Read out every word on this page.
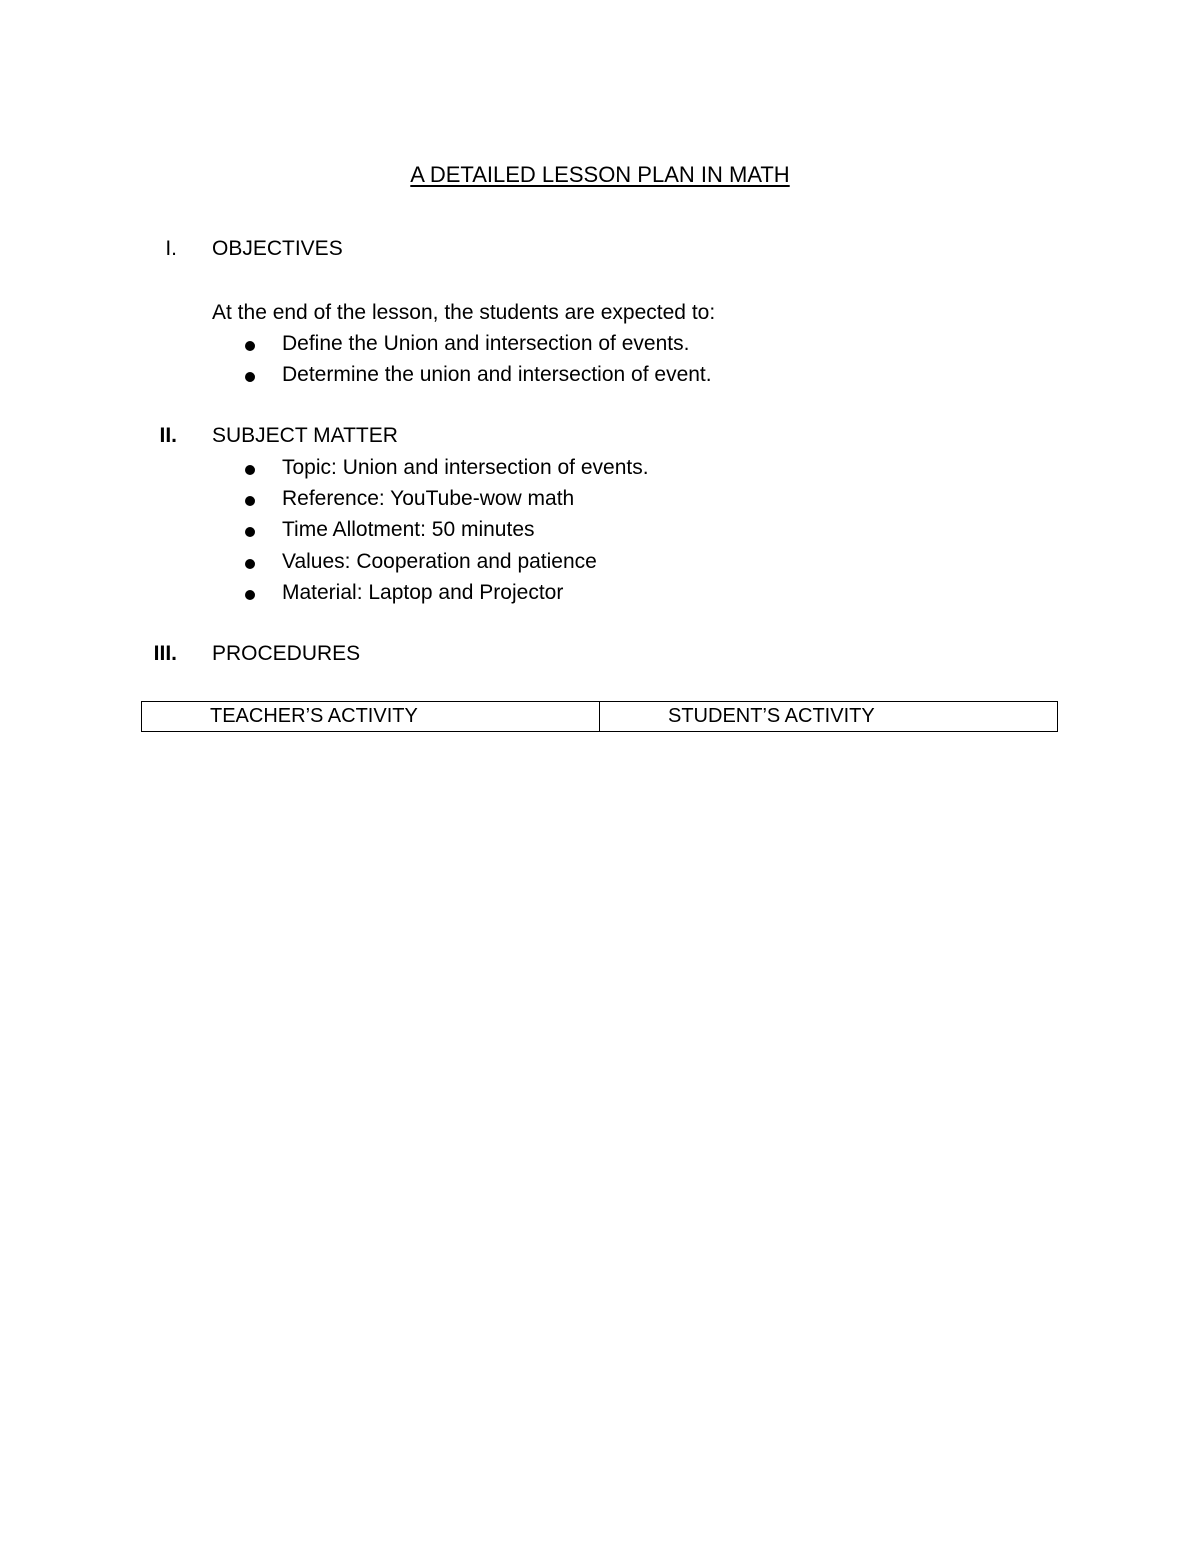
A DETAILED LESSON PLAN IN MATH
I. OBJECTIVES
At the end of the lesson, the students are expected to:
Define the Union and intersection of events.
Determine the union and intersection of event.
II. SUBJECT MATTER
Topic: Union and intersection of events.
Reference: YouTube-wow math
Time Allotment: 50 minutes
Values: Cooperation and patience
Material: Laptop and Projector
III. PROCEDURES
TEACHER’S ACTIVITY	STUDENT’S ACTIVITY
